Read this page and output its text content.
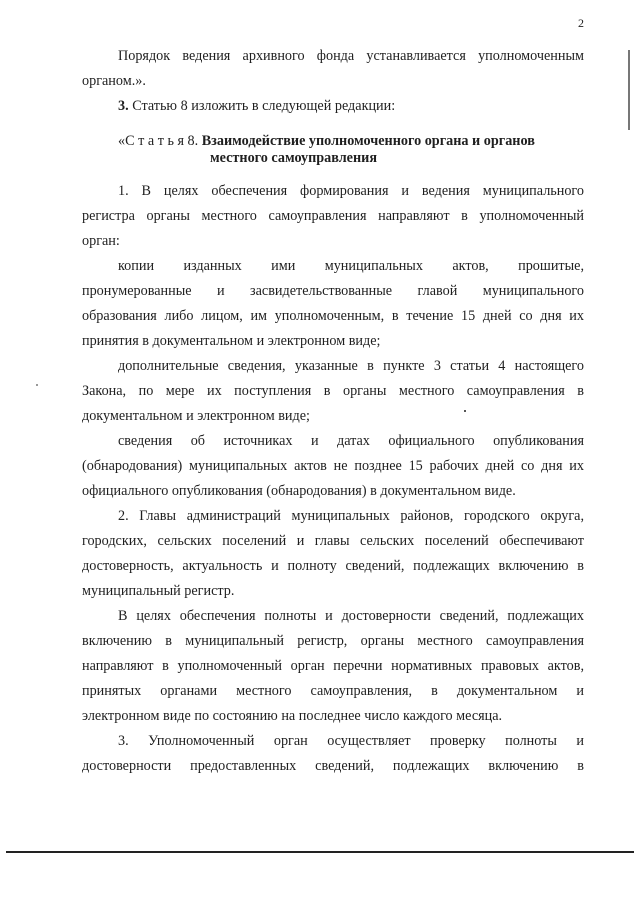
2
Порядок ведения архивного фонда устанавливается уполномоченным
органом.».
3. Статью 8 изложить в следующей редакции:
«С т а т ь я 8. Взаимодействие уполномоченного органа и органов
местного самоуправления
1. В целях обеспечения формирования и ведения муниципального
регистра органы местного самоуправления направляют в уполномоченный
орган:
копии изданных ими муниципальных актов, прошитые,
пронумерованные и засвидетельствованные главой муниципального
образования либо лицом, им уполномоченным, в течение 15 дней со дня их
принятия в документальном и электронном виде;
дополнительные сведения, указанные в пункте 3 статьи 4 настоящего
Закона, по мере их поступления в органы местного самоуправления в
документальном и электронном виде;
сведения об источниках и датах официального опубликования
(обнародования) муниципальных актов не позднее 15 рабочих дней со дня их
официального опубликования (обнародования) в документальном виде.
2. Главы администраций муниципальных районов, городского округа,
городских, сельских поселений и главы сельских поселений обеспечивают
достоверность, актуальность и полноту сведений, подлежащих включению в
муниципальный регистр.
В целях обеспечения полноты и достоверности сведений, подлежащих
включению в муниципальный регистр, органы местного самоуправления
направляют в уполномоченный орган перечни нормативных правовых актов,
принятых органами местного самоуправления, в документальном и
электронном виде по состоянию на последнее число каждого месяца.
3. Уполномоченный орган осуществляет проверку полноты и
достоверности предоставленных сведений, подлежащих включению в
